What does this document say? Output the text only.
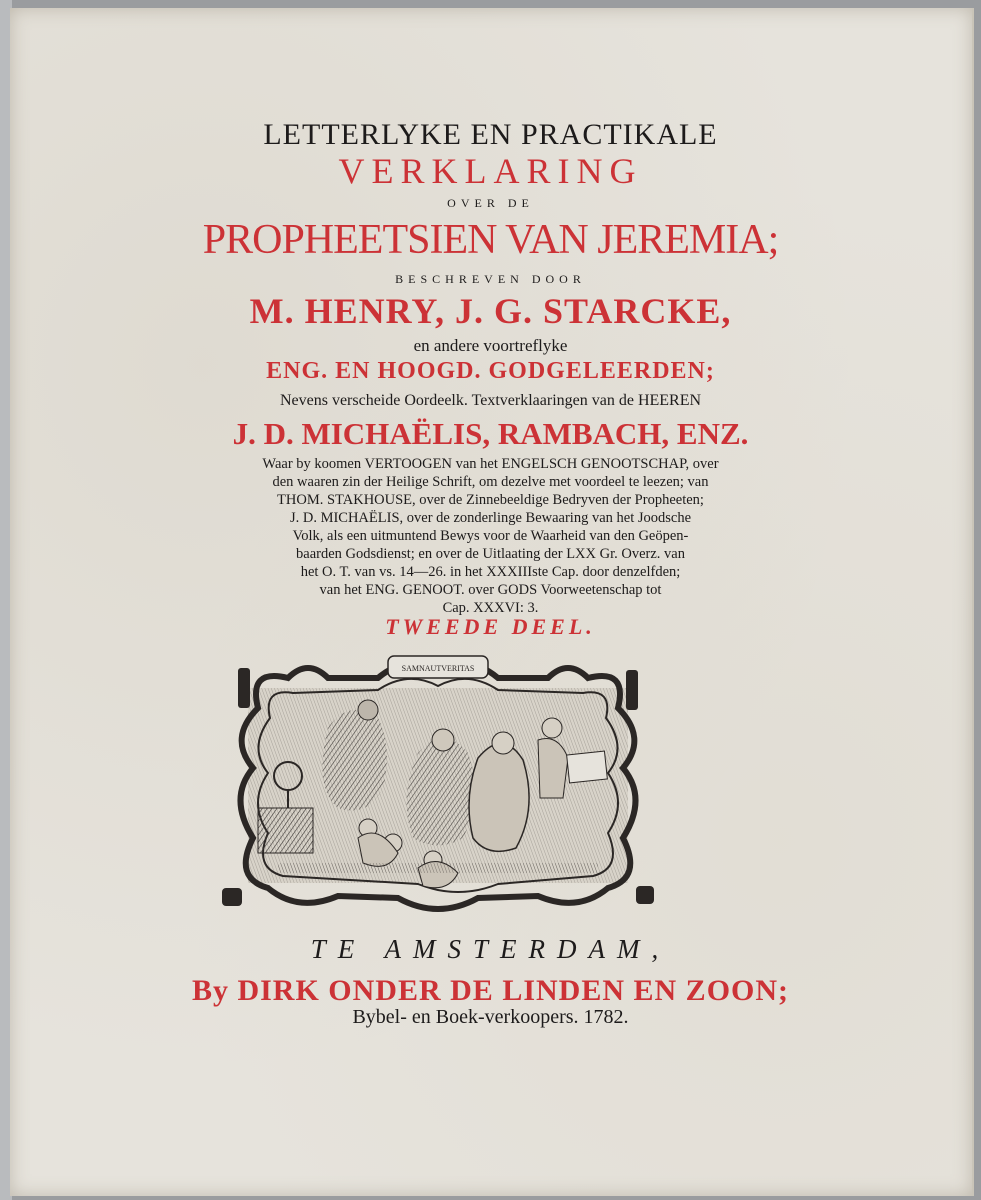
LETTERLYKE EN PRACTIKALE
VERKLARING
OVER DE
PROPHEETSIEN VAN JEREMIA;
BESCHREVEN DOOR
M. HENRY, J. G. STARCKE,
en andere voortreflyke
ENG. EN HOOGD. GODGELEERDEN;
Nevens verscheide Oordeelk. Textverklaaringen van de HEEREN
J. D. MICHAËLIS, RAMBACH, ENZ.
Waar by koomen VERTOOGEN van het ENGELSCH GENOOTSCHAP, over
den waaren zin der Heilige Schrift, om dezelve met voordeel te leezen; van
THOM. STAKHOUSE, over de Zinnebeeldige Bedryven der Propheeten;
J. D. MICHAËLIS, over de zonderlinge Bewaaring van het Joodsche
Volk, als een uitmuntend Bewys voor de Waarheid van den Geöpen-
baarden Godsdienst; en over de Uitlaating der LXX Gr. Overz. van
het O. T. van vs. 14—26. in het XXXIIIste Cap. door denzelfden;
van het ENG. GENOOT. over GODS Voorweetenschap tot
Cap. XXXVI: 3.
TWEEDE DEEL.
SAMNAUTVERITAS
TE AMSTERDAM,
By DIRK ONDER DE LINDEN EN ZOON;
Bybel- en Boek-verkoopers. 1782.
